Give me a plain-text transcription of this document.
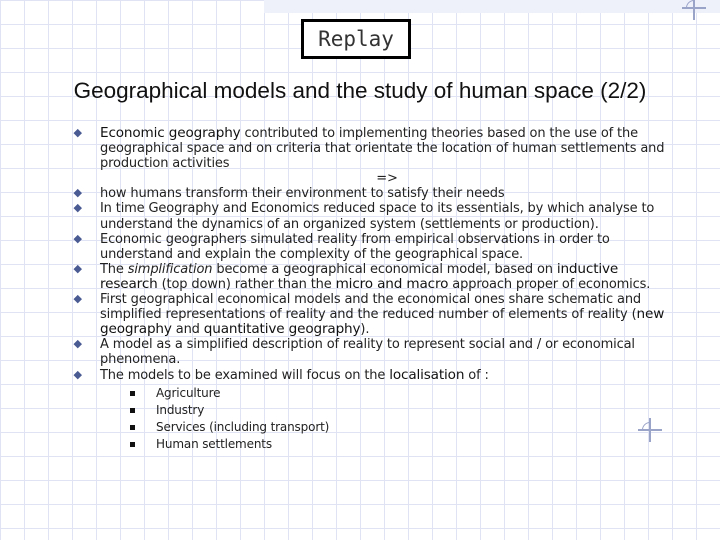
Replay
Geographical models and the study of human space (2/2)
Economic geography contributed to implementing theories based on the use of the geographical space and on criteria that orientate the location of human settlements and production activities
=>
how humans transform their environment to satisfy their needs
In time Geography and Economics reduced space to its essentials, by which analyse to understand the dynamics of an organized system (settlements or production).
Economic geographers simulated reality from empirical observations in order to understand and explain the complexity of the geographical space.
The simplification become a geographical economical model, based on inductive research (top down) rather than the micro and macro approach proper of economics.
First geographical economical models and the economical ones share schematic and simplified representations of reality and the reduced number of elements of reality (new geography and quantitative geography).
A model as a simplified description of reality to represent social and / or economical phenomena.
The models to be examined will focus on the localisation of :
Agriculture
Industry
Services (including transport)
Human settlements
